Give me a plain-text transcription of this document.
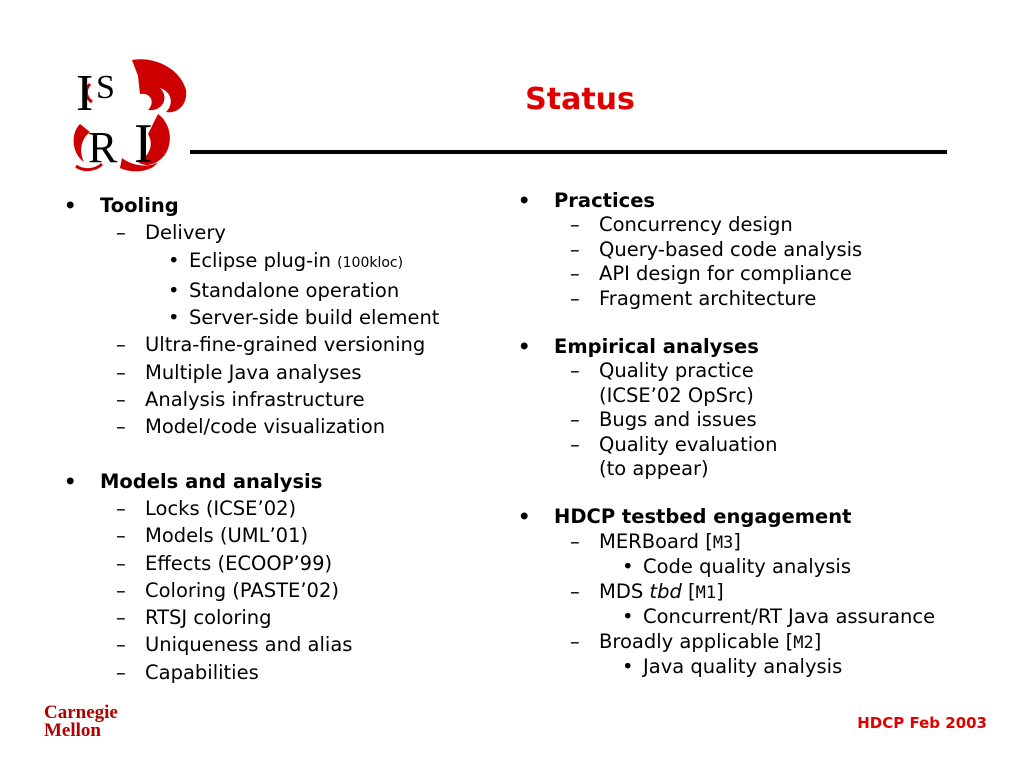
I S
R I
Status
• Tooling
– Delivery
• Eclipse plug-in (100kloc)
• Standalone operation
• Server-side build element
– Ultra-fine-grained versioning
– Multiple Java analyses
– Analysis infrastructure
– Model/code visualization
• Models and analysis
– Locks (ICSE’02)
– Models (UML’01)
– Effects (ECOOP’99)
– Coloring (PASTE’02)
– RTSJ coloring
– Uniqueness and alias
– Capabilities
• Practices
– Concurrency design
– Query-based code analysis
– API design for compliance
– Fragment architecture
• Empirical analyses
– Quality practice
(ICSE’02 OpSrc)
– Bugs and issues
– Quality evaluation
(to appear)
• HDCP testbed engagement
– MERBoard [M3]
• Code quality analysis
– MDS tbd [M1]
• Concurrent/RT Java assurance
– Broadly applicable [M2]
• Java quality analysis
Carnegie
Mellon	HDCP Feb 2003
